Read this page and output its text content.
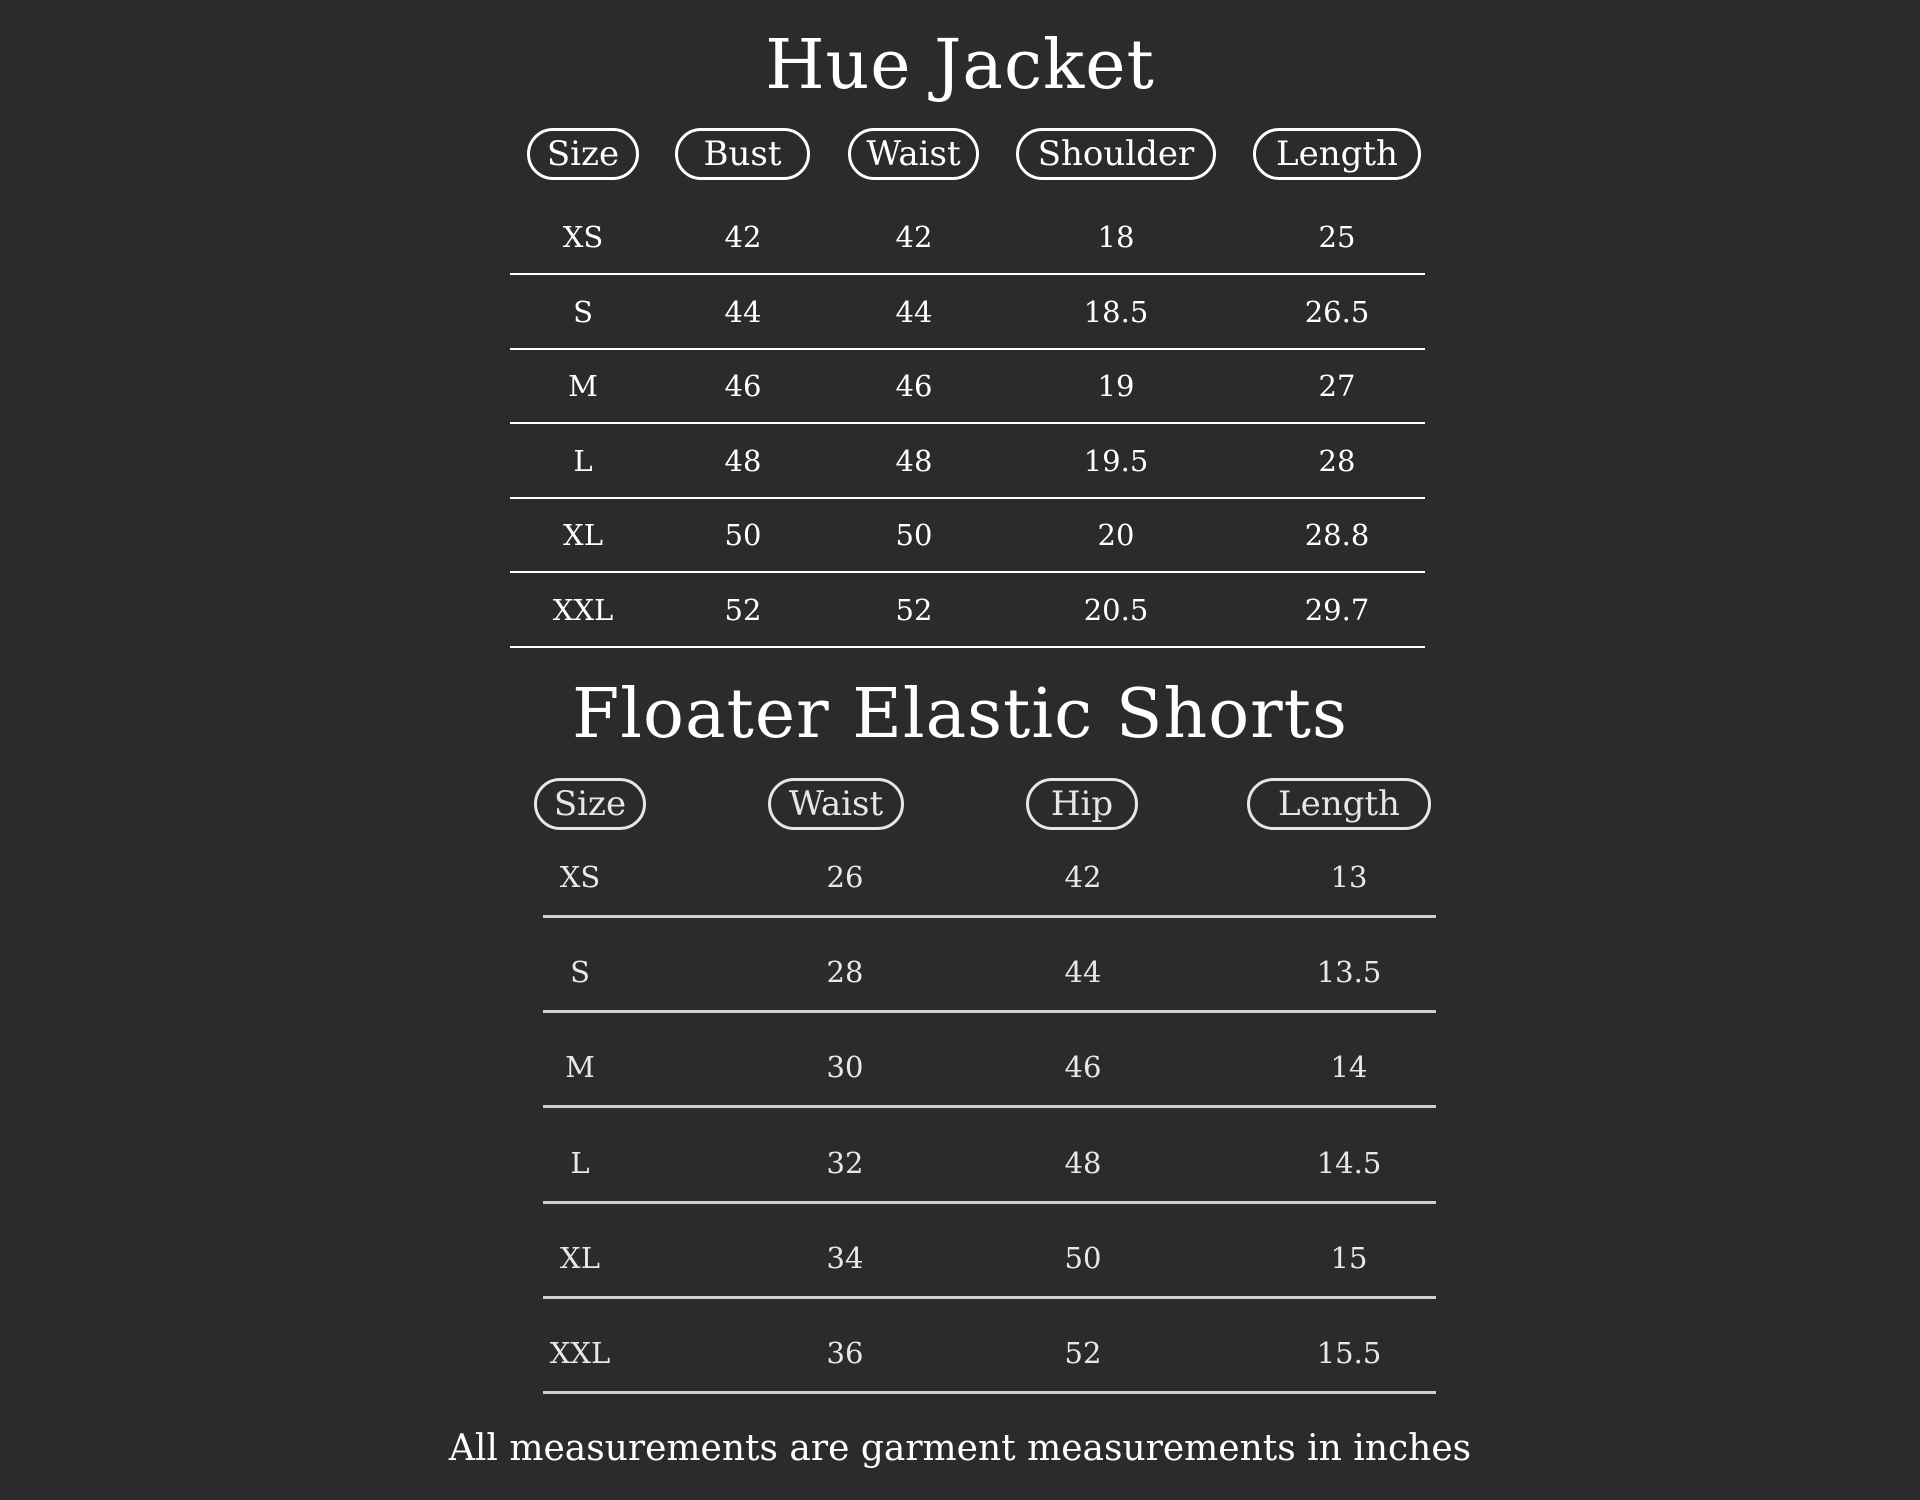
Hue Jacket
Size	Bust	Waist	Shoulder	Length
XS	42	42	18	25
S	44	44	18.5	26.5
M	46	46	19	27
L	48	48	19.5	28
XL	50	50	20	28.8
XXL	52	52	20.5	29.7
Floater Elastic Shorts
Size	Waist	Hip	Length
XS	26	42	13
S	28	44	13.5
M	30	46	14
L	32	48	14.5
XL	34	50	15
XXL	36	52	15.5
All measurements are garment measurements in inches
